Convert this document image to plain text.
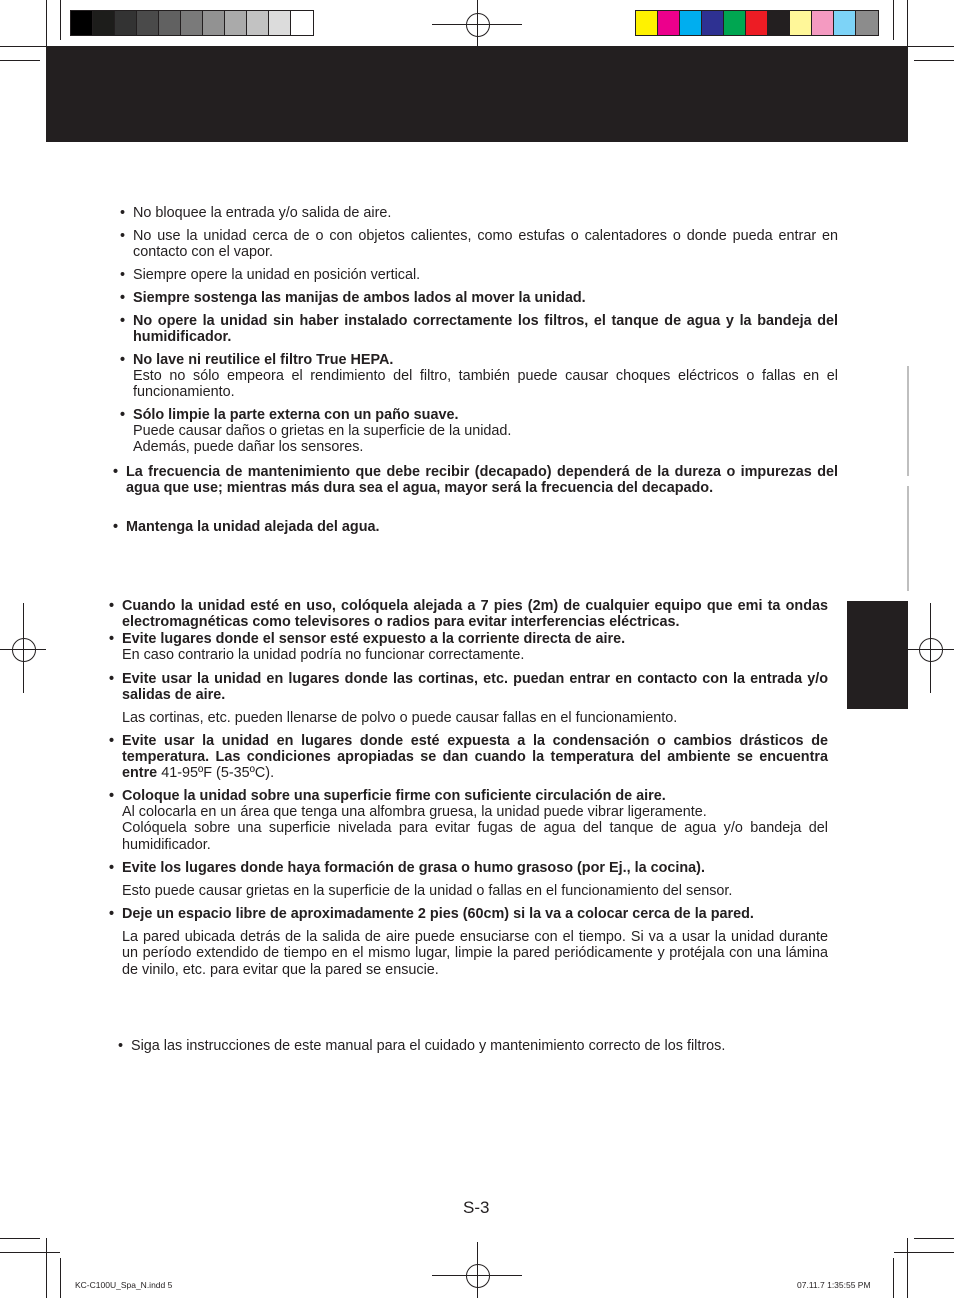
• No bloquee la entrada y/o salida de aire.
• No use la unidad cerca de o con objetos calientes, como estufas o calentadores o donde pueda entrar en contacto con el vapor.
• Siempre opere la unidad en posición vertical.
• Siempre sostenga las manijas de ambos lados al mover la unidad.
• No opere la unidad sin haber instalado correctamente los filtros, el tanque de agua y la bandeja del humidificador.
• No lave ni reutilice el filtro True HEPA.
Esto no sólo empeora el rendimiento del filtro, también puede causar choques eléctricos o fallas en el funcionamiento.
• Sólo limpie la parte externa con un paño suave.
Puede causar daños o grietas en la superficie de la unidad.
Además, puede dañar los sensores.
• La frecuencia de mantenimiento que debe recibir (decapado) dependerá de la dureza o impurezas del agua que use; mientras más dura sea el agua, mayor será la frecuencia del decapado.
• Mantenga la unidad alejada del agua.
• Cuando la unidad esté en uso, colóquela alejada a 7 pies (2m) de cualquier equipo que emi ta ondas electromagnéticas como televisores o radios para evitar interferencias eléctricas.
• Evite lugares donde el sensor esté expuesto a la corriente directa de aire.
En caso contrario la unidad podría no funcionar correctamente.
• Evite usar la unidad en lugares donde las cortinas, etc. puedan entrar en contacto con la entrada y/o salidas de aire.
Las cortinas, etc. pueden llenarse de polvo o puede causar fallas en el funcionamiento.
• Evite usar la unidad en lugares donde esté expuesta a la condensación o cambios drásticos de temperatura. Las condiciones apropiadas se dan cuando la temperatura del ambiente se encuentra entre 41-95ºF (5-35ºC).
• Coloque la unidad sobre una superficie firme con suficiente circulación de aire.
Al colocarla en un área que tenga una alfombra gruesa, la unidad puede vibrar ligeramente.
Colóquela sobre una superficie nivelada para evitar fugas de agua del tanque de agua y/o bandeja del humidificador.
• Evite los lugares donde haya formación de grasa o humo grasoso (por Ej., la cocina).
Esto puede causar grietas en la superficie de la unidad o fallas en el funcionamiento del sensor.
• Deje un espacio libre de aproximadamente 2 pies (60cm) si la va a colocar cerca de la pared.
La pared ubicada detrás de la salida de aire puede ensuciarse con el tiempo. Si va a usar la unidad durante un período extendido de tiempo en el mismo lugar, limpie la pared periódicamente y protéjala con una lámina de vinilo, etc. para evitar que la pared se ensucie.
• Siga las instrucciones de este manual para el cuidado y mantenimiento correcto de los filtros.
S-3
KC-C100U_Spa_N.indd 5	07.11.7 1:35:55 PM
